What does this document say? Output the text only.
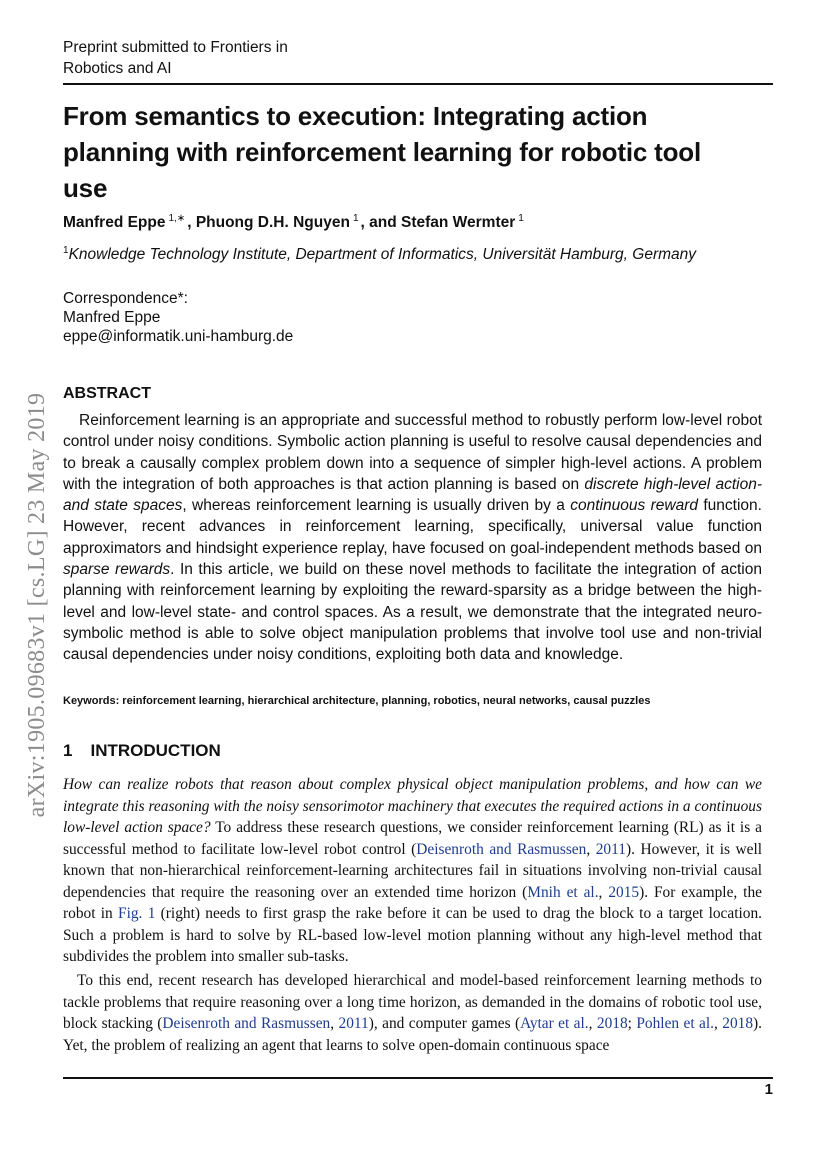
Preprint submitted to Frontiers in
Robotics and AI
From semantics to execution: Integrating action planning with reinforcement learning for robotic tool use
Manfred Eppe $^{1,∗}$ , Phuong D.H. Nguyen $^1$ , and Stefan Wermter $^1$
$^1$Knowledge Technology Institute, Department of Informatics, Universität Hamburg, Germany
Correspondence*:
Manfred Eppe
eppe@informatik.uni-hamburg.de
arXiv:1905.09683v1 [cs.LG] 23 May 2019 ABSTRACT

Reinforcement learning is an appropriate and successful method to robustly perform low-level robot control under noisy conditions. Symbolic action planning is useful to resolve causal dependencies and to break a causally complex problem down into a sequence of simpler high-level actions. A problem with the integration of both approaches is that action planning is based on discrete high-level action- and state spaces, whereas reinforcement learning is usually driven by a continuous reward function. However, recent advances in reinforcement learning, specifically, universal value function approximators and hindsight experience replay, have focused on goal-independent methods based on sparse rewards. In this article, we build on these novel methods to facilitate the integration of action planning with reinforcement learning by exploiting the reward-sparsity as a bridge between the high-level and low-level state- and control spaces. As a result, we demonstrate that the integrated neuro-symbolic method is able to solve object manipulation problems that involve tool use and non-trivial causal dependencies under noisy conditions, exploiting both data and knowledge.

Keywords: reinforcement learning, hierarchical architecture, planning, robotics, neural networks, causal puzzles
1 INTRODUCTION

How can realize robots that reason about complex physical object manipulation problems, and how can we integrate this reasoning with the noisy sensorimotor machinery that executes the required actions in a continuous low-level action space? To address these research questions, we consider reinforcement learning (RL) as it is a successful method to facilitate low-level robot control (Deisenroth and Rasmussen, 2011). However, it is well known that non-hierarchical reinforcement-learning architectures fail in situations involving non-trivial causal dependencies that require the reasoning over an extended time horizon (Mnih et al., 2015). For example, the robot in Fig. 1 (right) needs to first grasp the rake before it can be used to drag the block to a target location. Such a problem is hard to solve by RL-based low-level motion planning without any high-level method that subdivides the problem into smaller sub-tasks.

To this end, recent research has developed hierarchical and model-based reinforcement learning methods to tackle problems that require reasoning over a long time horizon, as demanded in the domains of robotic tool use, block stacking (Deisenroth and Rasmussen, 2011), and computer games (Aytar et al., 2018; Pohlen et al., 2018). Yet, the problem of realizing an agent that learns to solve open-domain continuous space

1
